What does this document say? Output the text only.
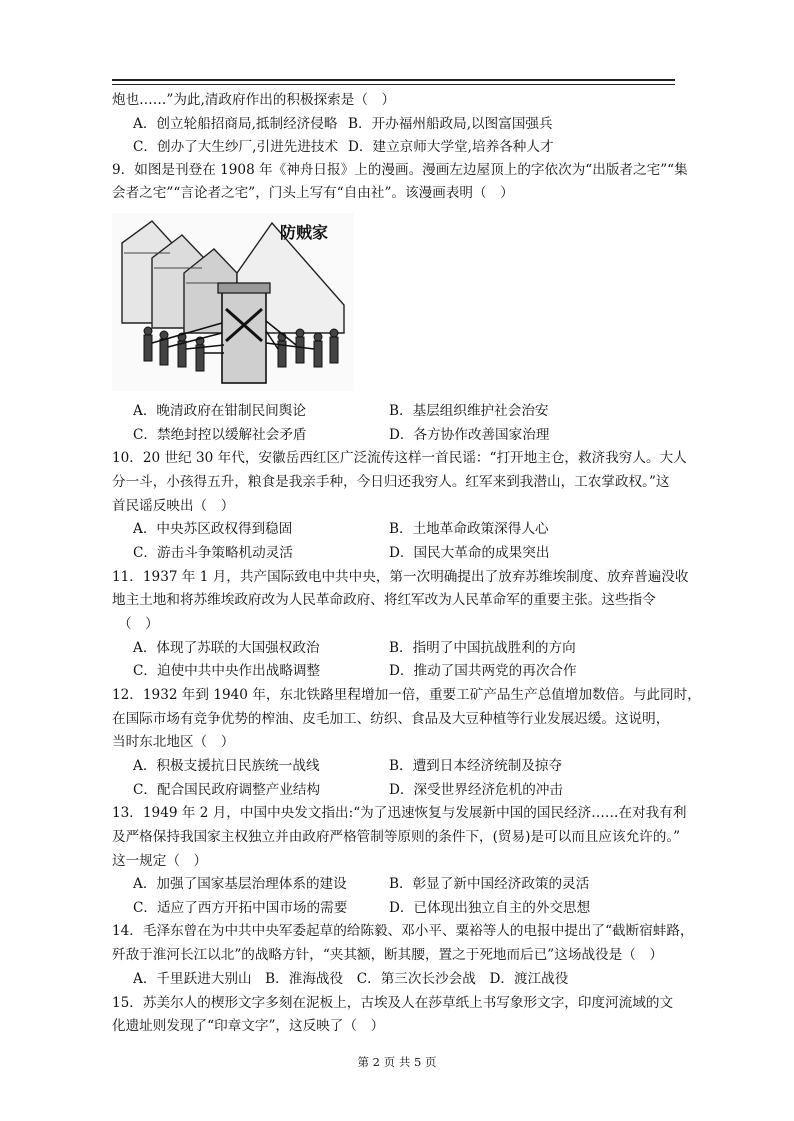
炮也……”为此,清政府作出的积极探索是（　）
A．创立轮船招商局,抵制经济侵略 B．开办福州船政局,以图富国强兵
C．创办了大生纱厂,引进先进技术 D．建立京师大学堂,培养各种人才
9．如图是刊登在 1908 年《神舟日报》上的漫画。漫画左边屋顶上的字依次为“出版者之宅”“集
会者之宅”“言论者之宅”，门头上写有“自由社”。该漫画表明（　）
防贼家
A．晚清政府在钳制民间舆论	B．基层组织维护社会治安
C．禁绝封控以缓解社会矛盾	D．各方协作改善国家治理
10．20 世纪 30 年代，安徽岳西红区广泛流传这样一首民谣：“打开地主仓，救济我穷人。大人
分一斗，小孩得五升，粮食是我亲手种，今日归还我穷人。红军来到我潜山，工农掌政权。”这
首民谣反映出（　）
A．中央苏区政权得到稳固	B．土地革命政策深得人心
C．游击斗争策略机动灵活	D．国民大革命的成果突出
11．1937 年 1 月，共产国际致电中共中央，第一次明确提出了放弃苏维埃制度、放弃普遍没收
地主土地和将苏维埃政府改为人民革命政府、将红军改为人民革命军的重要主张。这些指令
（　）
A．体现了苏联的大国强权政治	B．指明了中国抗战胜利的方向
C．迫使中共中央作出战略调整	D．推动了国共两党的再次合作
12．1932 年到 1940 年，东北铁路里程增加一倍，重要工矿产品生产总值增加数倍。与此同时，
在国际市场有竞争优势的榨油、皮毛加工、纺织、食品及大豆种植等行业发展迟缓。这说明，
当时东北地区（　）
A．积极支援抗日民族统一战线	B．遭到日本经济统制及掠夺
C．配合国民政府调整产业结构	D．深受世界经济危机的冲击
13．1949 年 2 月，中国中央发文指出:“为了迅速恢复与发展新中国的国民经济……在对我有利
及严格保持我国家主权独立并由政府严格管制等原则的条件下，(贸易)是可以而且应该允许的。”
这一规定（　）
A．加强了国家基层治理体系的建设	B．彰显了新中国经济政策的灵活
C．适应了西方开拓中国市场的需要	D．已体现出独立自主的外交思想
14．毛泽东曾在为中共中央军委起草的给陈毅、邓小平、粟裕等人的电报中提出了“截断宿蚌路，
歼敌于淮河长江以北”的战略方针，“夹其额，断其腰，置之于死地而后已”这场战役是（　）
A．千里跃进大别山　B．淮海战役　C．第三次长沙会战　D．渡江战役
15．苏美尔人的楔形文字多刻在泥板上，古埃及人在莎草纸上书写象形文字，印度河流域的文
化遗址则发现了“印章文字”，这反映了（　）
第 2 页 共 5 页
